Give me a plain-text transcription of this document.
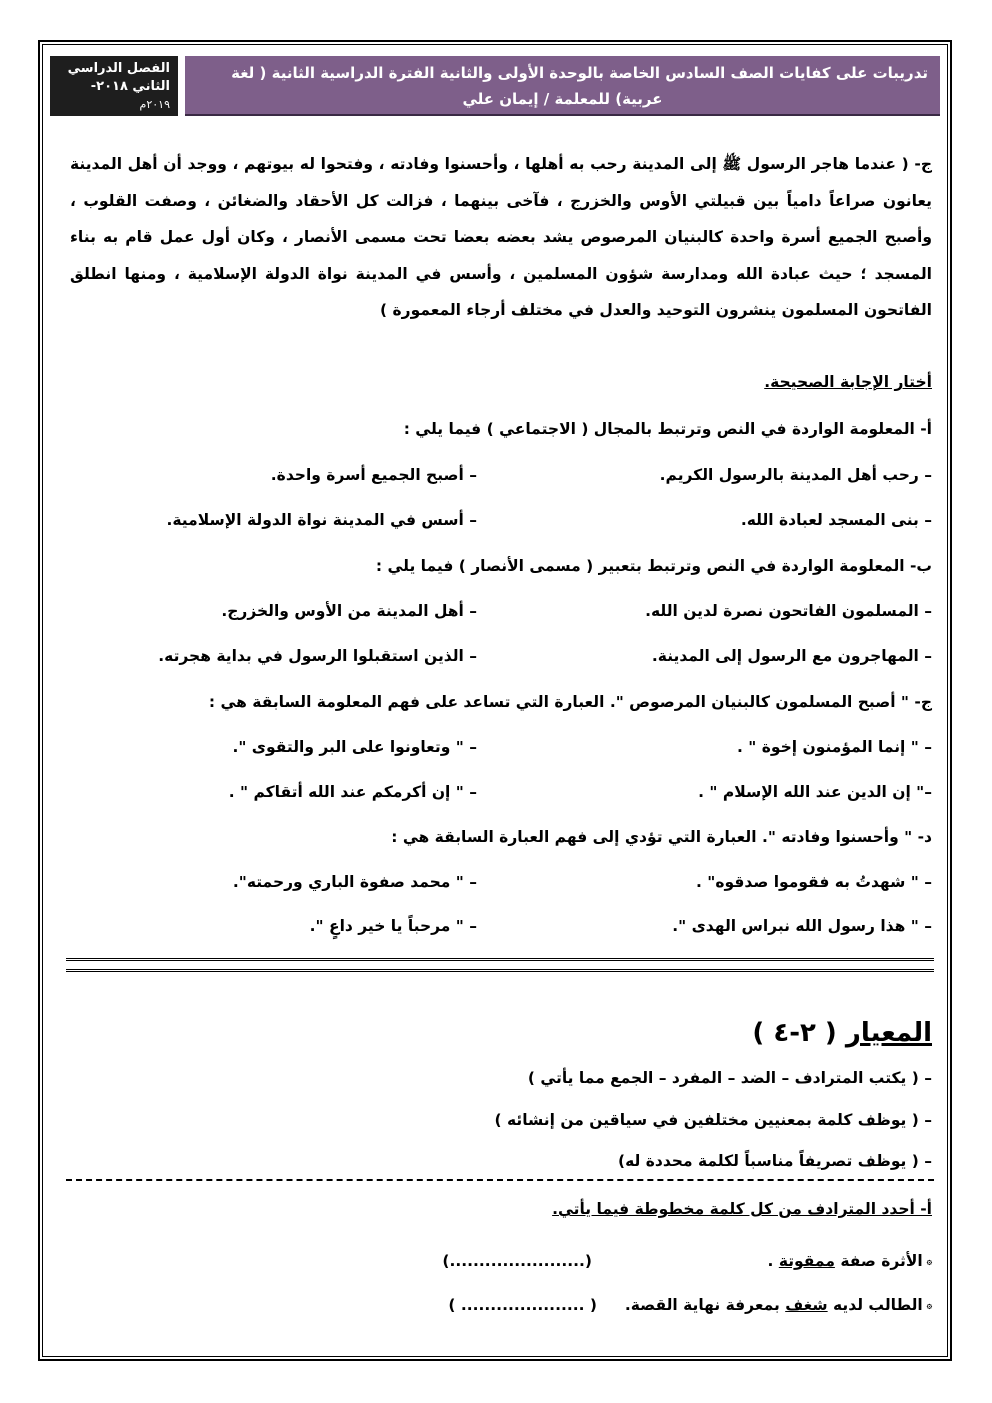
تدريبات على كفايات الصف السادس الخاصة بالوحدة الأولى والثانية الفترة الدراسية الثانية ( لغة
عربية) للمعلمة / إيمان علي
الفصل الدراسي
الثاني ٢٠١٨-
٢٠١٩م
ج- ( عندما هاجر الرسول ﷺ إلى المدينة رحب به أهلها ، وأحسنوا وفادته ، وفتحوا له بيوتهم ، ووجد أن أهل المدينة يعانون صراعاً دامياً بين قبيلتي الأوس والخزرج ، فآخى بينهما ، فزالت كل الأحقاد والضغائن ، وصفت القلوب ، وأصبح الجميع أسرة واحدة كالبنيان المرصوص يشد بعضه بعضا تحت مسمى الأنصار ، وكان أول عمل قام به بناء المسجد ؛ حيث عبادة الله ومدارسة شؤون المسلمين ، وأسس في المدينة نواة الدولة الإسلامية ، ومنها انطلق الفاتحون المسلمون ينشرون التوحيد والعدل في مختلف أرجاء المعمورة )
أختار الإجابة الصحيحة.
أ- المعلومة الواردة في النص وترتبط بالمجال ( الاجتماعي ) فيما يلي :
– رحب أهل المدينة بالرسول الكريم.
– أصبح الجميع أسرة واحدة.
– بنى المسجد لعبادة الله.
– أسس في المدينة نواة الدولة الإسلامية.
ب- المعلومة الواردة في النص وترتبط بتعبير ( مسمى الأنصار ) فيما يلي :
– المسلمون الفاتحون نصرة لدين الله.
– أهل المدينة من الأوس والخزرج.
– المهاجرون مع الرسول إلى المدينة.
– الذين استقبلوا الرسول في بداية هجرته.
ج- " أصبح المسلمون كالبنيان المرصوص ". العبارة التي تساعد على فهم المعلومة السابقة هي :
– " إنما المؤمنون إخوة " .
– " وتعاونوا على البر والتقوى ".
–" إن الدين عند الله الإسلام " .
– " إن أكرمكم عند الله أتقاكم " .
د- " وأحسنوا وفادته ". العبارة التي تؤدي إلى فهم العبارة السابقة هي :
– " شهدتُ به فقوموا صدقوه" .
– " محمد صفوة الباري ورحمته".
– " هذا رسول الله نبراس الهدى ".
– " مرحباً يا خير داعٍ ".
المعيار ( ٢-٤ )
– ( يكتب المترادف – الضد – المفرد – الجمع مما يأتي )
– ( يوظف كلمة بمعنيين مختلفين في سياقين من إنشائه )
– ( يوظف تصريفاً مناسباً لكلمة محددة له)
أ- أحدد المترادف من كل كلمة مخطوطة فيما يأتي.
۞الأثرة صفة ممقوتة .
(.......................)
۞الطالب لديه شغف بمعرفة نهاية القصة.
( ..................... )
